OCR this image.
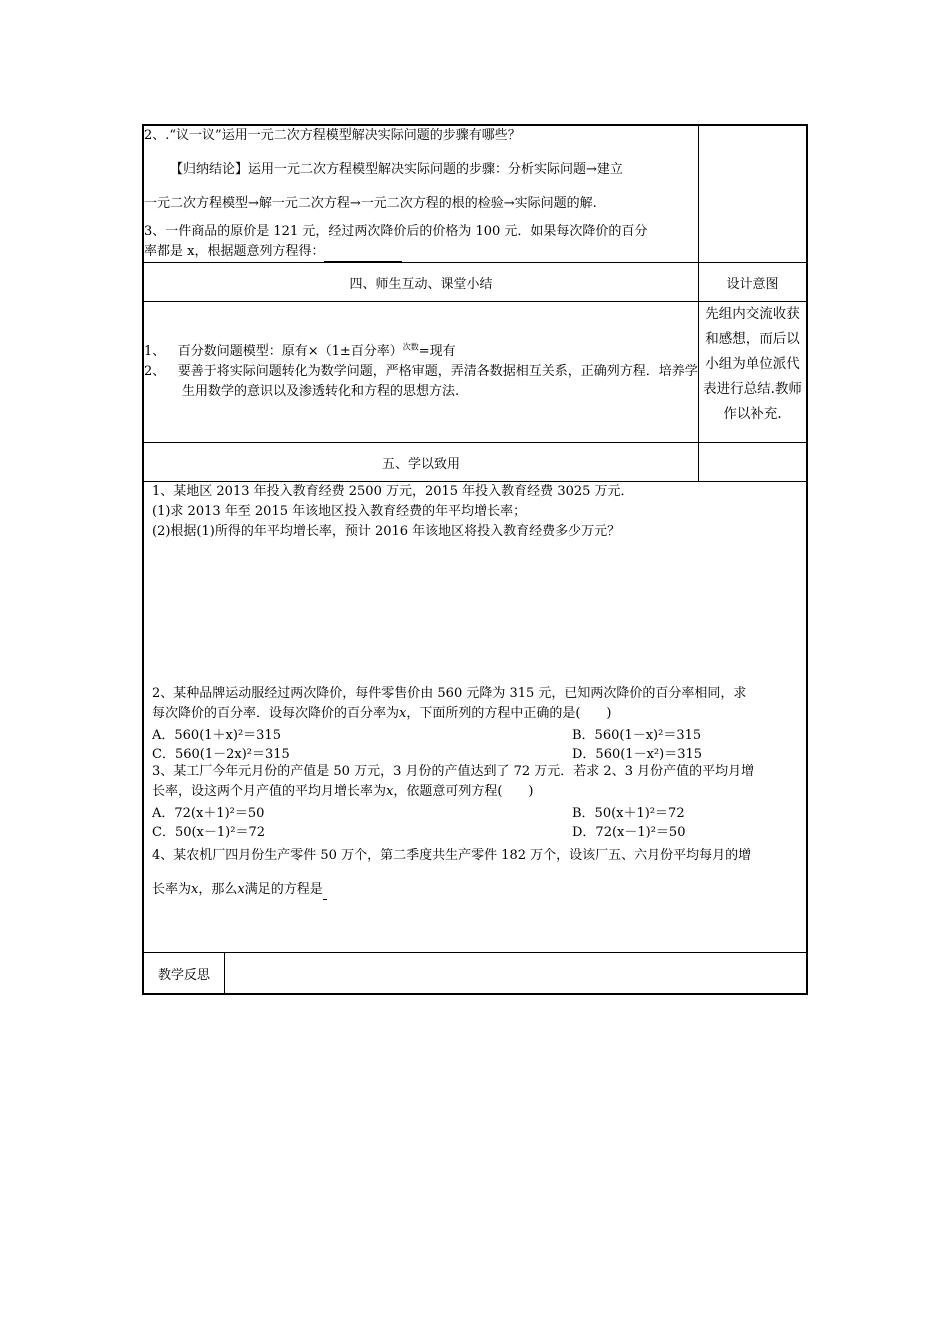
2、.“议一议”运用一元二次方程模型解决实际问题的步骤有哪些？

【归纳结论】运用一元二次方程模型解决实际问题的步骤：分析实际问题→建立

一元二次方程模型→解一元二次方程→一元二次方程的根的检验→实际问题的解.

3、一件商品的原价是 121 元，经过两次降价后的价格为 100 元．如果每次降价的百分

率都是 x，根据题意列方程得：

四、师生互动、课堂小结	设计意图

1、 百分数问题模型：原有×（1±百分率）$^{次数}$=现有

2、 要善于将实际问题转化为数学问题，严格审题，弄清各数据相互关系，正确列方程．培养学生用数学的意识以及渗透转化和方程的思想方法.

	先组内交流收获和感想，而后以小组为单位派代表进行总结.教师作以补充.
五、学以致用	

1、某地区 2013 年投入教育经费 2500 万元，2015 年投入教育经费 3025 万元．

(1)求 2013 年至 2015 年该地区投入教育经费的年平均增长率；

(2)根据(1)所得的年平均增长率，预计 2016 年该地区将投入教育经费多少万元？

2、某种品牌运动服经过两次降价，每件零售价由 560 元降为 315 元，已知两次降价的百分率相同，求

每次降价的百分率．设每次降价的百分率为x，下面所列的方程中正确的是(　　)

A．560(1＋x)²＝315	B．560(1－x)²＝315
C．560(1－2x)²＝315	D．560(1－x²)＝315

3、某工厂今年元月份的产值是 50 万元，3 月份的产值达到了 72 万元．若求 2、3 月份产值的平均月增

长率，设这两个月产值的平均月增长率为x，依题意可列方程(　　)

A．72(x＋1)²＝50	B．50(x＋1)²＝72
C．50(x－1)²＝72	D．72(x－1)²＝50

4、某农机厂四月份生产零件 50 万个，第二季度共生产零件 182 万个，设该厂五、六月份平均每月的增

长率为x，那么x满足的方程是

教学反思	
